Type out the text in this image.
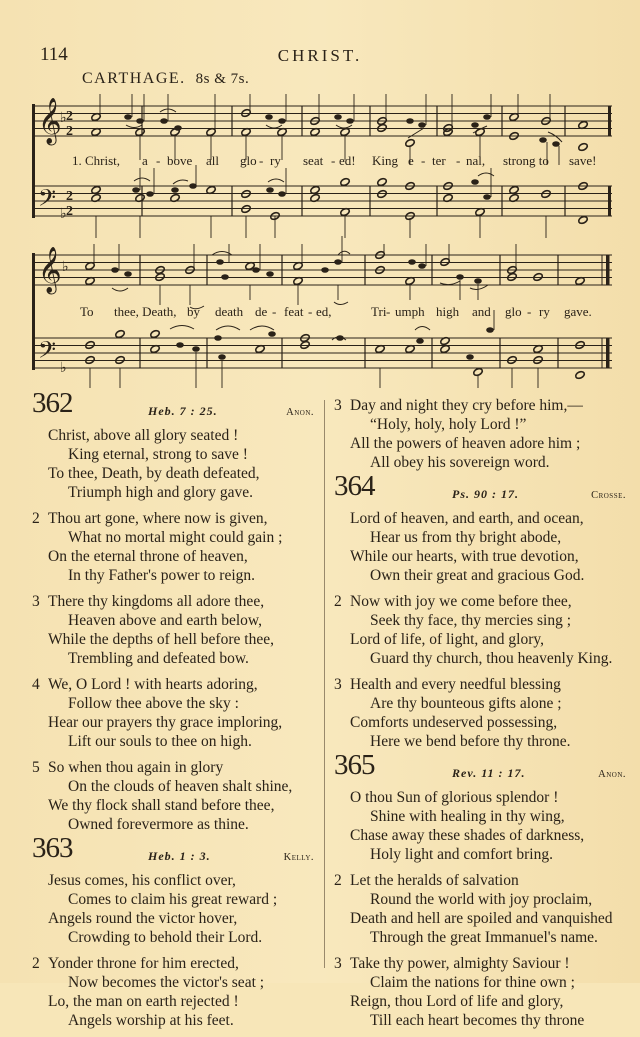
114	CHRIST.
CARTHAGE. 8s & 7s.
𝄞
𝄢
𝄞
𝄢
♭ 2
2
♭
2
2
♭
♭
1. Christ, a - bove all glo - ry seat - ed! King e - ter - nal, strong to save!
To thee, Death, by death de - feat - ed,	Tri - umph high and glo - ry gave.
362	Heb. 7 : 25.	Anon.
Christ, above all glory seated !
King eternal, strong to save !
To thee, Death, by death defeated,
Triumph high and glory gave.
2 Thou art gone, where now is given,
What no mortal might could gain ;
On the eternal throne of heaven,
In thy Father's power to reign.
3 There thy kingdoms all adore thee,
Heaven above and earth below,
While the depths of hell before thee,
Trembling and defeated bow.
4 We, O Lord ! with hearts adoring,
Follow thee above the sky :
Hear our prayers thy grace imploring,
Lift our souls to thee on high.
5 So when thou again in glory
On the clouds of heaven shalt shine,
We thy flock shall stand before thee,
Owned forevermore as thine.
363	Heb. 1 : 3.	Kelly.
Jesus comes, his conflict over,
Comes to claim his great reward ;
Angels round the victor hover,
Crowding to behold their Lord.
2 Yonder throne for him erected,
Now becomes the victor's seat ;
Lo, the man on earth rejected !
Angels worship at his feet.
3 Day and night they cry before him,—
“Holy, holy, holy Lord !”
All the powers of heaven adore him ;
All obey his sovereign word.
364	Ps. 90 : 17.	Crosse.
Lord of heaven, and earth, and ocean,
Hear us from thy bright abode,
While our hearts, with true devotion,
Own their great and gracious God.
2 Now with joy we come before thee,
Seek thy face, thy mercies sing ;
Lord of life, of light, and glory,
Guard thy church, thou heavenly King.
3 Health and every needful blessing
Are thy bounteous gifts alone ;
Comforts undeserved possessing,
Here we bend before thy throne.
365	Rev. 11 : 17.	Anon.
O thou Sun of glorious splendor !
Shine with healing in thy wing,
Chase away these shades of darkness,
Holy light and comfort bring.
2 Let the heralds of salvation
Round the world with joy proclaim,
Death and hell are spoiled and vanquished
Through the great Immanuel's name.
3 Take thy power, almighty Saviour !
Claim the nations for thine own ;
Reign, thou Lord of life and glory,
Till each heart becomes thy throne
